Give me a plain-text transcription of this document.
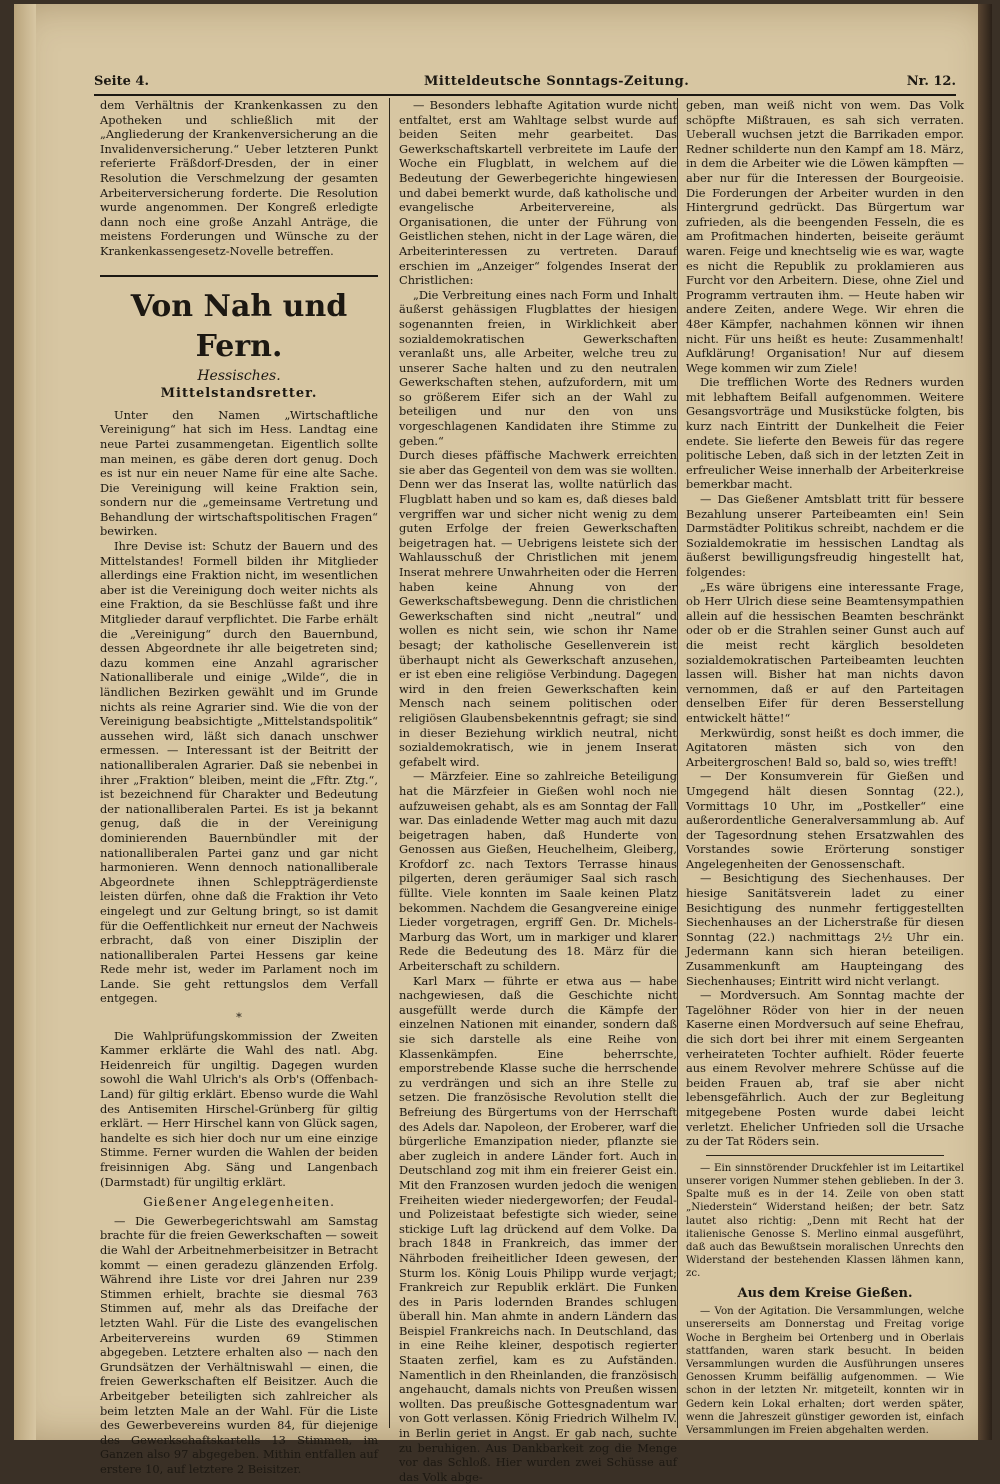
Seite 4.	Mitteldeutsche Sonntags-Zeitung.	Nr. 12.

dem Verhältnis der Krankenkassen zu den Apotheken und schließlich mit der „Angliederung der Krankenversicherung an die Invalidenversicherung.“ Ueber letzteren Punkt referierte Fräßdorf-Dresden, der in einer Resolution die Verschmelzung der gesamten Arbeiterversicherung forderte. Die Resolution wurde angenommen. Der Kongreß erledigte dann noch eine große Anzahl Anträge, die meistens Forderungen und Wünsche zu der Krankenkassengesetz-Novelle betreffen.

Von Nah und Fern.
Hessisches.
Mittelstandsretter.

Unter den Namen „Wirtschaftliche Vereinigung“ hat sich im Hess. Landtag eine neue Partei zusammengetan. Eigentlich sollte man meinen, es gäbe deren dort genug. Doch es ist nur ein neuer Name für eine alte Sache. Die Vereinigung will keine Fraktion sein, sondern nur die „gemeinsame Vertretung und Behandlung der wirtschaftspolitischen Fragen“ bewirken.

Ihre Devise ist: Schutz der Bauern und des Mittelstandes! Formell bilden ihr Mitglieder allerdings eine Fraktion nicht, im wesentlichen aber ist die Vereinigung doch weiter nichts als eine Fraktion, da sie Beschlüsse faßt und ihre Mitglieder darauf verpflichtet. Die Farbe erhält die „Vereinigung“ durch den Bauernbund, dessen Abgeordnete ihr alle beigetreten sind; dazu kommen eine Anzahl agrarischer Nationalliberale und einige „Wilde“, die in ländlichen Bezirken gewählt und im Grunde nichts als reine Agrarier sind. Wie die von der Vereinigung beabsichtigte „Mittelstandspolitik“ aussehen wird, läßt sich danach unschwer ermessen. — Interessant ist der Beitritt der nationalliberalen Agrarier. Daß sie nebenbei in ihrer „Fraktion“ bleiben, meint die „Fftr. Ztg.“, ist bezeichnend für Charakter und Bedeutung der nationalliberalen Partei. Es ist ja bekannt genug, daß die in der Vereinigung dominierenden Bauernbündler mit der nationalliberalen Partei ganz und gar nicht harmonieren. Wenn dennoch nationalliberale Abgeordnete ihnen Schleppträgerdienste leisten dürfen, ohne daß die Fraktion ihr Veto eingelegt und zur Geltung bringt, so ist damit für die Oeffentlichkeit nur erneut der Nachweis erbracht, daß von einer Disziplin der nationalliberalen Partei Hessens gar keine Rede mehr ist, weder im Parlament noch im Lande. Sie geht rettungslos dem Verfall entgegen.

*

Die Wahlprüfungskommission der Zweiten Kammer erklärte die Wahl des natl. Abg. Heidenreich für ungiltig. Dagegen wurden sowohl die Wahl Ulrich's als Orb's (Offenbach-Land) für giltig erklärt. Ebenso wurde die Wahl des Antisemiten Hirschel-Grünberg für giltig erklärt. — Herr Hirschel kann von Glück sagen, handelte es sich hier doch nur um eine einzige Stimme. Ferner wurden die Wahlen der beiden freisinnigen Abg. Säng und Langenbach (Darmstadt) für ungiltig erklärt.

Gießener Angelegenheiten.

— Die Gewerbegerichtswahl am Samstag brachte für die freien Gewerkschaften — soweit die Wahl der Arbeitnehmerbeisitzer in Betracht kommt — einen geradezu glänzenden Erfolg. Während ihre Liste vor drei Jahren nur 239 Stimmen erhielt, brachte sie diesmal 763 Stimmen auf, mehr als das Dreifache der letzten Wahl. Für die Liste des evangelischen Arbeitervereins wurden 69 Stimmen abgegeben. Letztere erhalten also — nach den Grundsätzen der Verhältniswahl — einen, die freien Gewerkschaften elf Beisitzer. Auch die Arbeitgeber beteiligten sich zahlreicher als beim letzten Male an der Wahl. Für die Liste des Gewerbevereins wurden 84, für diejenige des Gewerkschaftskartells 13 Stimmen, im Ganzen also 97 abgegeben. Mithin entfallen auf erstere 10, auf letztere 2 Beisitzer.

— Besonders lebhafte Agitation wurde nicht entfaltet, erst am Wahltage selbst wurde auf beiden Seiten mehr gearbeitet. Das Gewerkschaftskartell verbreitete im Laufe der Woche ein Flugblatt, in welchem auf die Bedeutung der Gewerbegerichte hingewiesen und dabei bemerkt wurde, daß katholische und evangelische Arbeitervereine, als Organisationen, die unter der Führung von Geistlichen stehen, nicht in der Lage wären, die Arbeiterinteressen zu vertreten. Darauf erschien im „Anzeiger“ folgendes Inserat der Christlichen:

„Die Verbreitung eines nach Form und Inhalt äußerst gehässigen Flugblattes der hiesigen sogenannten freien, in Wirklichkeit aber sozialdemokratischen Gewerkschaften veranlaßt uns, alle Arbeiter, welche treu zu unserer Sache halten und zu den neutralen Gewerkschaften stehen, aufzufordern, mit um so größerem Eifer sich an der Wahl zu beteiligen und nur den von uns vorgeschlagenen Kandidaten ihre Stimme zu geben.“

Durch dieses pfäffische Machwerk erreichten sie aber das Gegenteil von dem was sie wollten. Denn wer das Inserat las, wollte natürlich das Flugblatt haben und so kam es, daß dieses bald vergriffen war und sicher nicht wenig zu dem guten Erfolge der freien Gewerkschaften beigetragen hat. — Uebrigens leistete sich der Wahlausschuß der Christlichen mit jenem Inserat mehrere Unwahrheiten oder die Herren haben keine Ahnung von der Gewerkschaftsbewegung. Denn die christlichen Gewerkschaften sind nicht „neutral“ und wollen es nicht sein, wie schon ihr Name besagt; der katholische Gesellenverein ist überhaupt nicht als Gewerkschaft anzusehen, er ist eben eine religiöse Verbindung. Dagegen wird in den freien Gewerkschaften kein Mensch nach seinem politischen oder religiösen Glaubensbekenntnis gefragt; sie sind in dieser Beziehung wirklich neutral, nicht sozialdemokratisch, wie in jenem Inserat gefabelt wird.

— Märzfeier. Eine so zahlreiche Beteiligung hat die Märzfeier in Gießen wohl noch nie aufzuweisen gehabt, als es am Sonntag der Fall war. Das einladende Wetter mag auch mit dazu beigetragen haben, daß Hunderte von Genossen aus Gießen, Heuchelheim, Gleiberg, Krofdorf zc. nach Textors Terrasse hinaus pilgerten, deren geräumiger Saal sich rasch füllte. Viele konnten im Saale keinen Platz bekommen. Nachdem die Gesangvereine einige Lieder vorgetragen, ergriff Gen. Dr. Michels-Marburg das Wort, um in markiger und klarer Rede die Bedeutung des 18. März für die Arbeiterschaft zu schildern.

Karl Marx — führte er etwa aus — habe nachgewiesen, daß die Geschichte nicht ausgefüllt werde durch die Kämpfe der einzelnen Nationen mit einander, sondern daß sie sich darstelle als eine Reihe von Klassenkämpfen. Eine beherrschte, emporstrebende Klasse suche die herrschende zu verdrängen und sich an ihre Stelle zu setzen. Die französische Revolution stellt die Befreiung des Bürgertums von der Herrschaft des Adels dar. Napoleon, der Eroberer, warf die bürgerliche Emanzipation nieder, pflanzte sie aber zugleich in andere Länder fort. Auch in Deutschland zog mit ihm ein freierer Geist ein. Mit den Franzosen wurden jedoch die wenigen Freiheiten wieder niedergeworfen; der Feudal- und Polizeistaat befestigte sich wieder, seine stickige Luft lag drückend auf dem Volke. Da brach 1848 in Frankreich, das immer der Nährboden freiheitlicher Ideen gewesen, der Sturm los. König Louis Philipp wurde verjagt; Frankreich zur Republik erklärt. Die Funken des in Paris lodernden Brandes schlugen überall hin. Man ahmte in andern Ländern das Beispiel Frankreichs nach. In Deutschland, das in eine Reihe kleiner, despotisch regierter Staaten zerfiel, kam es zu Aufständen. Namentlich in den Rheinlanden, die französisch angehaucht, damals nichts von Preußen wissen wollten. Das preußische Gottesgnadentum war von Gott verlassen. König Friedrich Wilhelm IV. in Berlin geriet in Angst. Er gab nach, suchte zu beruhigen. Aus Dankbarkeit zog die Menge vor das Schloß. Hier wurden zwei Schüsse auf das Volk abge-

geben, man weiß nicht von wem. Das Volk schöpfte Mißtrauen, es sah sich verraten. Ueberall wuchsen jetzt die Barrikaden empor. Redner schilderte nun den Kampf am 18. März, in dem die Arbeiter wie die Löwen kämpften — aber nur für die Interessen der Bourgeoisie. Die Forderungen der Arbeiter wurden in den Hintergrund gedrückt. Das Bürgertum war zufrieden, als die beengenden Fesseln, die es am Profitmachen hinderten, beiseite geräumt waren. Feige und knechtselig wie es war, wagte es nicht die Republik zu proklamieren aus Furcht vor den Arbeitern. Diese, ohne Ziel und Programm vertrauten ihm. — Heute haben wir andere Zeiten, andere Wege. Wir ehren die 48er Kämpfer, nachahmen können wir ihnen nicht. Für uns heißt es heute: Zusammenhalt! Aufklärung! Organisation! Nur auf diesem Wege kommen wir zum Ziele!

Die trefflichen Worte des Redners wurden mit lebhaftem Beifall aufgenommen. Weitere Gesangsvorträge und Musikstücke folgten, bis kurz nach Eintritt der Dunkelheit die Feier endete. Sie lieferte den Beweis für das regere politische Leben, daß sich in der letzten Zeit in erfreulicher Weise innerhalb der Arbeiterkreise bemerkbar macht.

— Das Gießener Amtsblatt tritt für bessere Bezahlung unserer Parteibeamten ein! Sein Darmstädter Politikus schreibt, nachdem er die Sozialdemokratie im hessischen Landtag als äußerst bewilligungsfreudig hingestellt hat, folgendes:

„Es wäre übrigens eine interessante Frage, ob Herr Ulrich diese seine Beamtensympathien allein auf die hessischen Beamten beschränkt oder ob er die Strahlen seiner Gunst auch auf die meist recht kärglich besoldeten sozialdemokratischen Parteibeamten leuchten lassen will. Bisher hat man nichts davon vernommen, daß er auf den Parteitagen denselben Eifer für deren Besserstellung entwickelt hätte!“

Merkwürdig, sonst heißt es doch immer, die Agitatoren mästen sich von den Arbeitergroschen! Bald so, bald so, wies trefft!

— Der Konsumverein für Gießen und Umgegend hält diesen Sonntag (22.), Vormittags 10 Uhr, im „Postkeller“ eine außerordentliche Generalversammlung ab. Auf der Tagesordnung stehen Ersatzwahlen des Vorstandes sowie Erörterung sonstiger Angelegenheiten der Genossenschaft.

— Besichtigung des Siechenhauses. Der hiesige Sanitätsverein ladet zu einer Besichtigung des nunmehr fertiggestellten Siechenhauses an der Licherstraße für diesen Sonntag (22.) nachmittags 2½ Uhr ein. Jedermann kann sich hieran beteiligen. Zusammenkunft am Haupteingang des Siechenhauses; Eintritt wird nicht verlangt.

— Mordversuch. Am Sonntag machte der Tagelöhner Röder von hier in der neuen Kaserne einen Mordversuch auf seine Ehefrau, die sich dort bei ihrer mit einem Sergeanten verheirateten Tochter aufhielt. Röder feuerte aus einem Revolver mehrere Schüsse auf die beiden Frauen ab, traf sie aber nicht lebensgefährlich. Auch der zur Begleitung mitgegebene Posten wurde dabei leicht verletzt. Ehelicher Unfrieden soll die Ursache zu der Tat Röders sein.

— Ein sinnstörender Druckfehler ist im Leitartikel unserer vorigen Nummer stehen geblieben. In der 3. Spalte muß es in der 14. Zeile von oben statt „Niederstein“ Widerstand heißen; der betr. Satz lautet also richtig: „Denn mit Recht hat der italienische Genosse S. Merlino einmal ausgeführt, daß auch das Bewußtsein moralischen Unrechts den Widerstand der bestehenden Klassen lähmen kann, zc.

Aus dem Kreise Gießen.

— Von der Agitation. Die Versammlungen, welche unsererseits am Donnerstag und Freitag vorige Woche in Bergheim bei Ortenberg und in Oberlais stattfanden, waren stark besucht. In beiden Versammlungen wurden die Ausführungen unseres Genossen Krumm beifällig aufgenommen. — Wie schon in der letzten Nr. mitgeteilt, konnten wir in Gedern kein Lokal erhalten; dort werden später, wenn die Jahreszeit günstiger geworden ist, einfach Versammlungen im Freien abgehalten werden.
